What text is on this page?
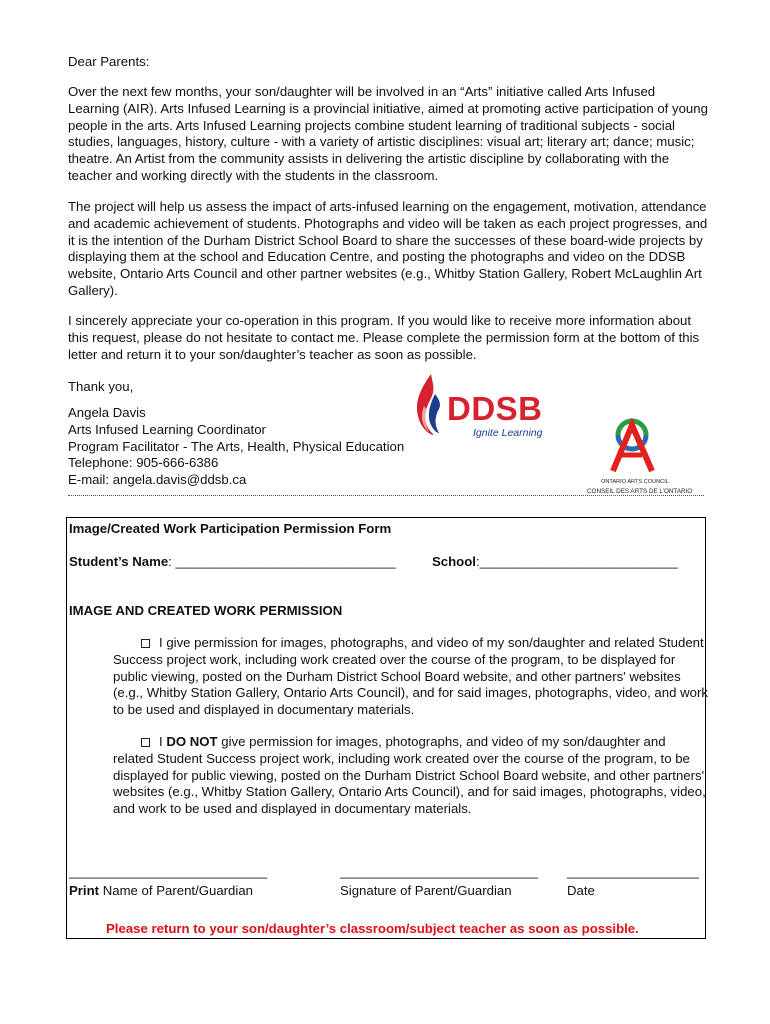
Dear Parents:

Over the next few months, your son/daughter will be involved in an “Arts” initiative called Arts Infused Learning (AIR). Arts Infused Learning is a provincial initiative, aimed at promoting active participation of young people in the arts. Arts Infused Learning projects combine student learning of traditional subjects - social studies, languages, history, culture - with a variety of artistic disciplines: visual art; literary art; dance; music; theatre. An Artist from the community assists in delivering the artistic discipline by collaborating with the teacher and working directly with the students in the classroom.

The project will help us assess the impact of arts-infused learning on the engagement, motivation, attendance and academic achievement of students. Photographs and video will be taken as each project progresses, and it is the intention of the Durham District School Board to share the successes of these board-wide projects by displaying them at the school and Education Centre, and posting the photographs and video on the DDSB website, Ontario Arts Council and other partner websites (e.g., Whitby Station Gallery, Robert McLaughlin Art Gallery).

I sincerely appreciate your co-operation in this program. If you would like to receive more information about this request, please do not hesitate to contact me. Please complete the permission form at the bottom of this letter and return it to your son/daughter’s teacher as soon as possible.

Thank you,

Angela Davis
Arts Infused Learning Coordinator
Program Facilitator - The Arts, Health, Physical Education
Telephone: 905-666-6386
E-mail: angela.davis@ddsb.ca
DDSB
Ignite Learning
ONTARIO ARTS COUNCIL
CONSEIL DES ARTS DE L’ONTARIO

Image/Created Work Participation Permission Form

Student’s Name: ______________________________	School:___________________________

IMAGE AND CREATED WORK PERMISSION

I give permission for images, photographs, and video of my son/daughter and related Student Success project work, including work created over the course of the program, to be displayed for public viewing, posted on the Durham District School Board website, and other partners' websites (e.g., Whitby Station Gallery, Ontario Arts Council), and for said images, photographs, video, and work to be used and displayed in documentary materials.

I DO NOT give permission for images, photographs, and video of my son/daughter and related Student Success project work, including work created over the course of the program, to be displayed for public viewing, posted on the Durham District School Board website, and other partners' websites (e.g., Whitby Station Gallery, Ontario Arts Council), and for said images, photographs, video, and work to be used and displayed in documentary materials.

___________________________	___________________________ __________________

Print Name of Parent/Guardian	Signature of Parent/Guardian	Date

Please return to your son/daughter’s classroom/subject teacher as soon as possible.
